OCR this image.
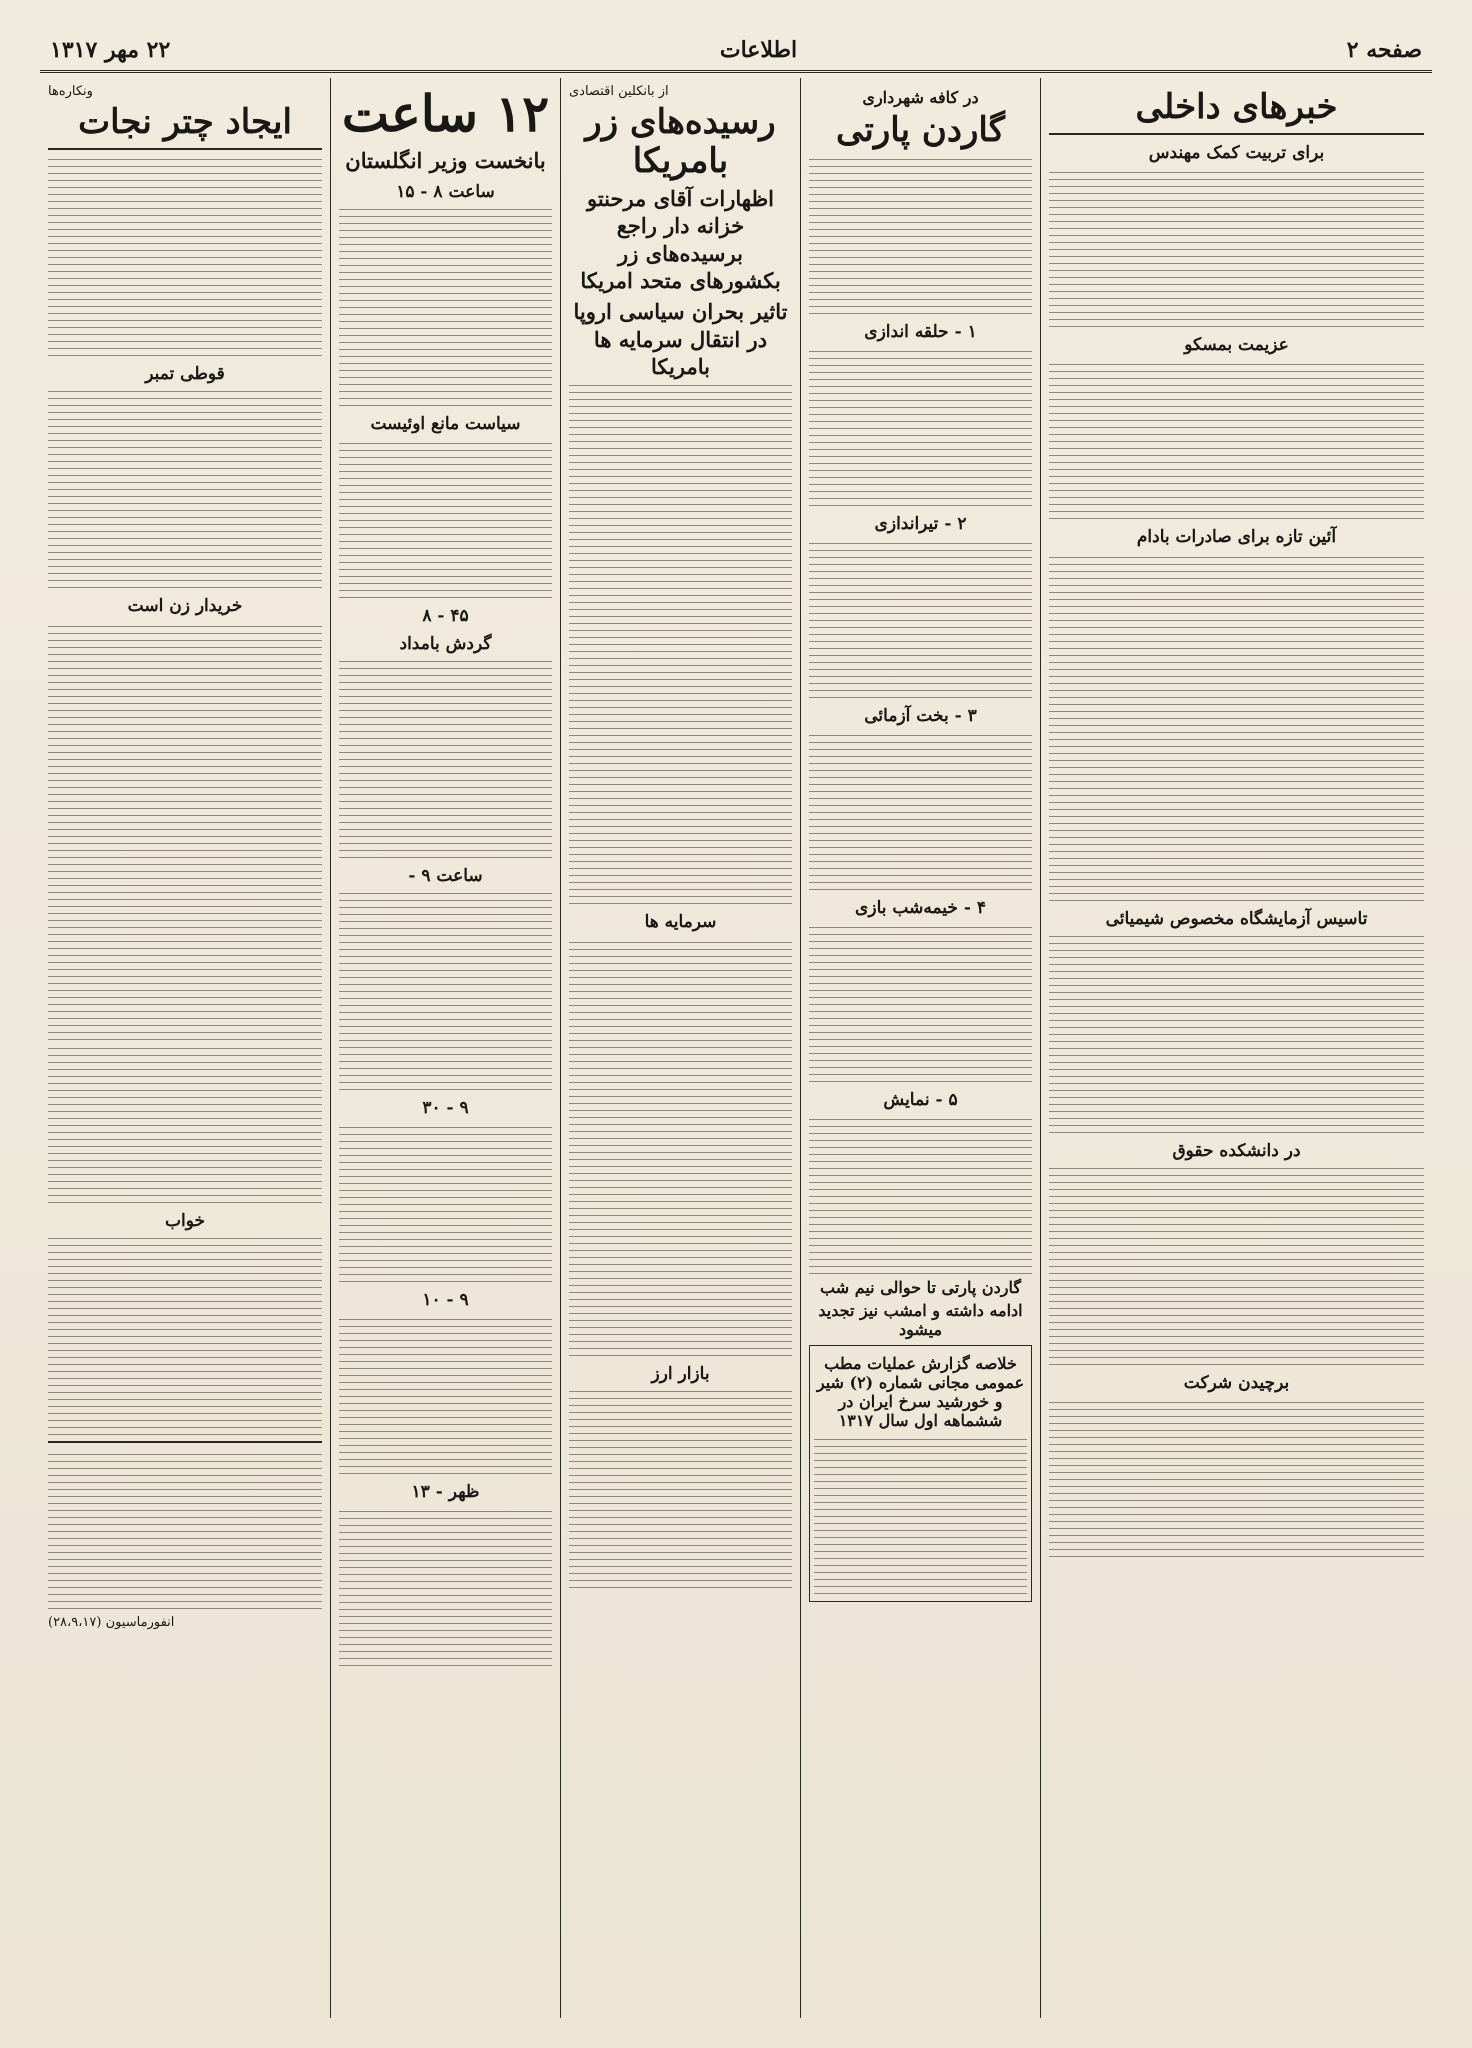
صفحه ۲
اطلاعات
۲۲ مهر ۱۳۱۷
خبرهای داخلی
برای تربیت کمک مهندس
عزیمت بمسکو
آئین تازه برای صادرات بادام
تاسیس آزمایشگاه مخصوص شیمیائی
در دانشکده حقوق
برچیدن شرکت
در کافه شهرداری
گاردن پارتی
۱ - حلقه اندازی
۲ - تیراندازی
۳ - بخت آزمائی
۴ - خیمه‌شب بازی
۵ - نمایش
گاردن پارتی تا حوالی نیم شب
ادامه داشته و امشب نیز تجدید میشود
خلاصه گزارش عملیات مطب عمومی مجانی شماره (۲) شیر و خورشید سرخ ایران در ششماهه اول سال ۱۳۱۷
از بانکلین اقتصادی
رسیده‌های زر بامریکا
اظهارات آقای مرحنتو خزانه دار راجع برسیده‌های زر بکشورهای متحد امریکا
تاثیر بحران سیاسی اروپا در انتقال سرمایه ها بامریکا
سرمایه ها
بازار ارز
۱۲ ساعت
بانخست وزیر انگلستان
ساعت ۸ - ۱۵
سیاست مانع اوئیست
۴۵ - ۸
گردش بامداد
ساعت ۹ -
۹ - ۳۰
۹ - ۱۰
ظهر - ۱۳
ونکاره‌ها
ایجاد چتر نجات
قوطی تمبر
خریدار زن است
خواب
انفورماسیون (۲۸،۹،۱۷)
